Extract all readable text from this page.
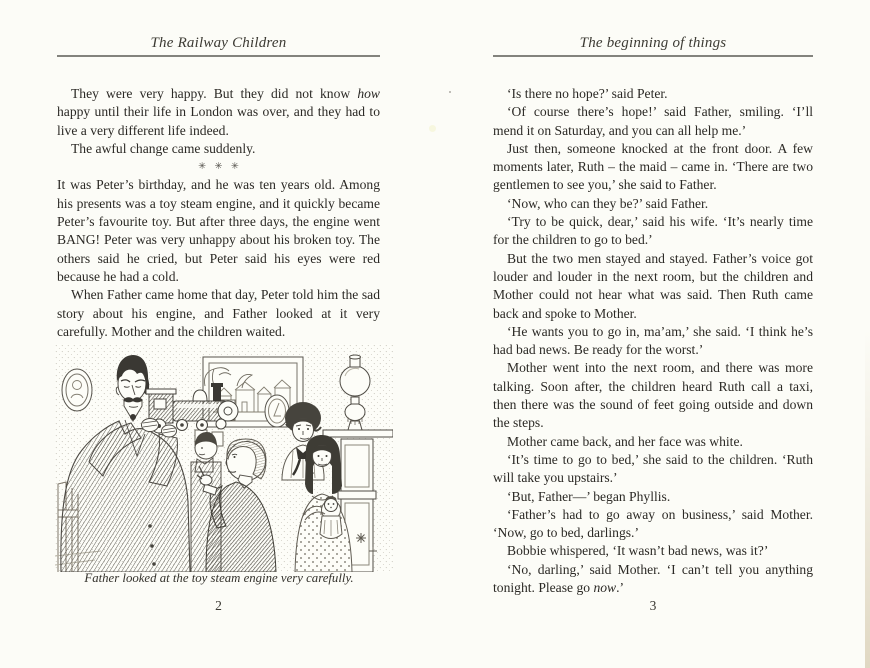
The Railway Children

They were very happy. But they did not know how happy until their life in London was over, and they had to live a very different life indeed.

The awful change came suddenly.

✳ ✳ ✳

It was Peter’s birthday, and he was ten years old. Among his presents was a toy steam engine, and it quickly became Peter’s favourite toy. But after three days, the engine went BANG! Peter was very unhappy about his broken toy. The others said he cried, but Peter said his eyes were red because he had a cold.

When Father came home that day, Peter told him the sad story about his engine, and Father looked at it very carefully. Mother and the children waited.

Father looked at the toy steam engine very carefully.
2
The beginning of things

‘Is there no hope?’ said Peter.

‘Of course there’s hope!’ said Father, smiling. ‘I’ll mend it on Saturday, and you can all help me.’

Just then, someone knocked at the front door. A few moments later, Ruth – the maid – came in. ‘There are two gentlemen to see you,’ she said to Father.

‘Now, who can they be?’ said Father.

‘Try to be quick, dear,’ said his wife. ‘It’s nearly time for the children to go to bed.’

But the two men stayed and stayed. Father’s voice got louder and louder in the next room, but the children and Mother could not hear what was said. Then Ruth came back and spoke to Mother.

‘He wants you to go in, ma’am,’ she said. ‘I think he’s had bad news. Be ready for the worst.’

Mother went into the next room, and there was more talking. Soon after, the children heard Ruth call a taxi, then there was the sound of feet going outside and down the steps.

Mother came back, and her face was white.

‘It’s time to go to bed,’ she said to the children. ‘Ruth will take you upstairs.’

‘But, Father—’ began Phyllis.

‘Father’s had to go away on business,’ said Mother. ‘Now, go to bed, darlings.’

Bobbie whispered, ‘It wasn’t bad news, was it?’

‘No, darling,’ said Mother. ‘I can’t tell you anything tonight. Please go now.’

3
